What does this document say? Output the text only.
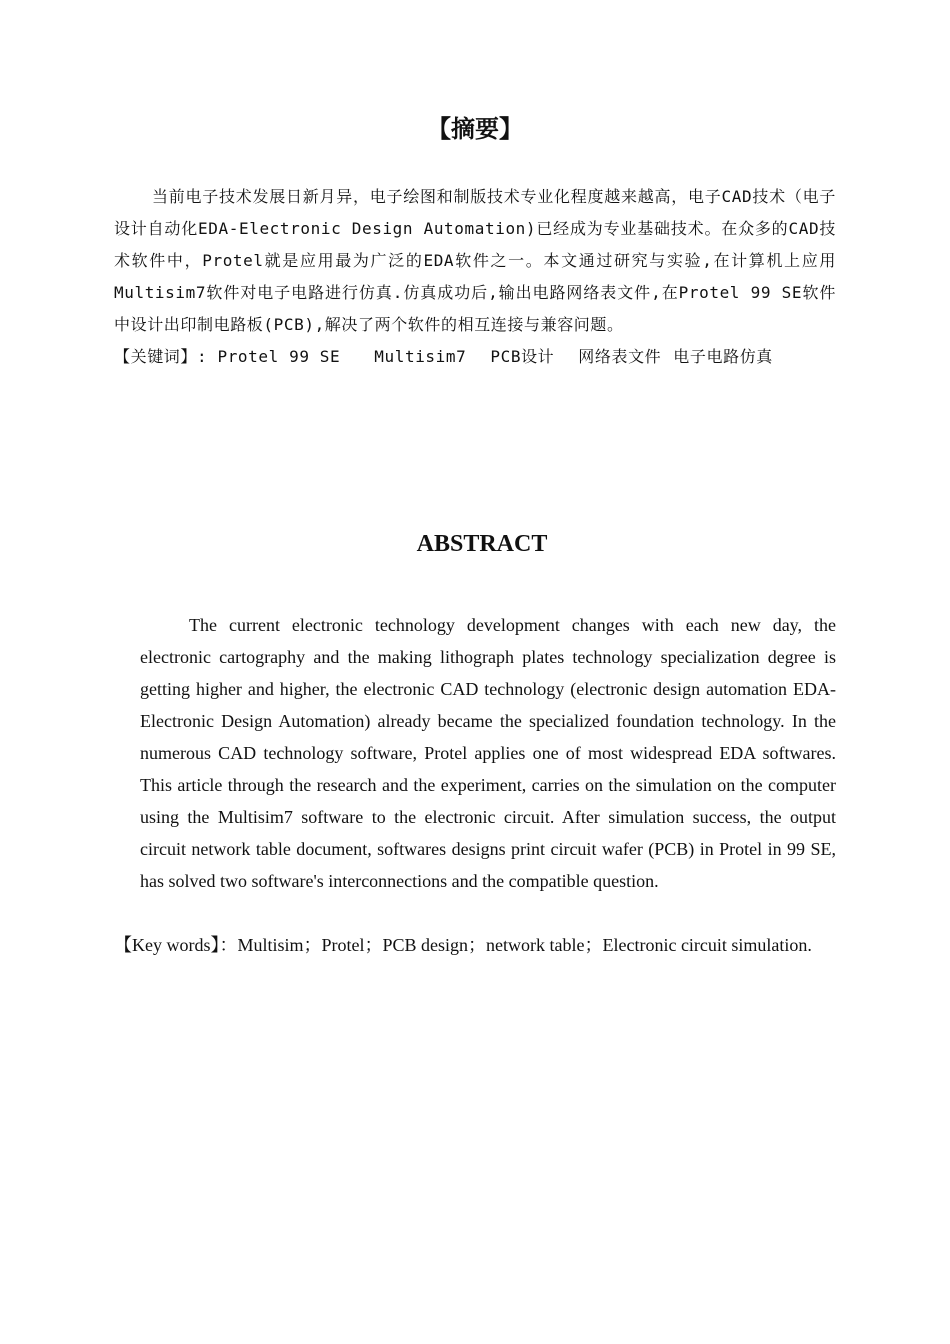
【摘要】

当前电子技术发展日新月异，电子绘图和制版技术专业化程度越来越高，电子CAD技术（电子设计自动化EDA-Electronic Design Automation)已经成为专业基础技术。在众多的CAD技术软件中，Protel就是应用最为广泛的EDA软件之一。本文通过研究与实验,在计算机上应用Multisim7软件对电子电路进行仿真.仿真成功后,输出电路网络表文件,在Protel 99 SE软件中设计出印制电路板(PCB),解决了两个软件的相互连接与兼容问题。

【关键词】: Protel 99 SE Multisim7 PCB设计 网络表文件 电子电路仿真

ABSTRACT

The current electronic technology development changes with each new day, the electronic cartography and the making lithograph plates technology specialization degree is getting higher and higher, the electronic CAD technology (electronic design automation EDA-Electronic Design Automation) already became the specialized foundation technology. In the numerous CAD technology software, Protel applies one of most widespread EDA softwares. This article through the research and the experiment, carries on the simulation on the computer using the Multisim7 software to the electronic circuit. After simulation success, the output circuit network table document, softwares designs print circuit wafer (PCB) in Protel in 99 SE, has solved two software's interconnections and the compatible question.

【Key words】：Multisim；Protel；PCB design；network table；Electronic circuit simulation.
